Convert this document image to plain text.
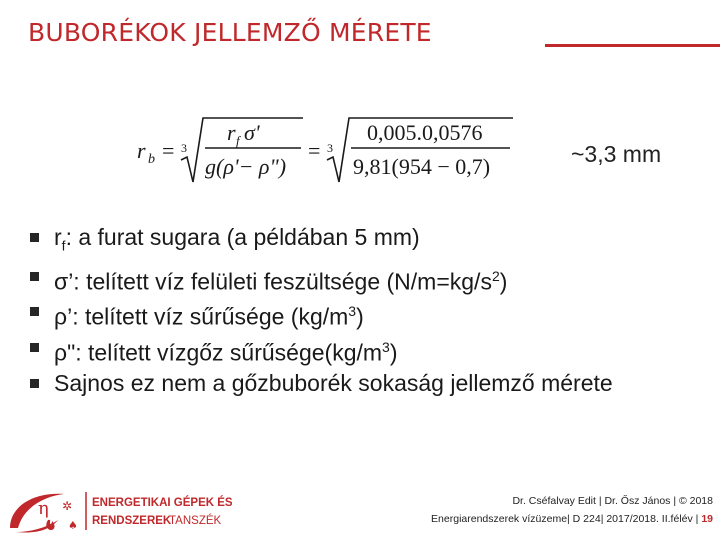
BUBORÉKOK JELLEMZŐ MÉRETE
r b = 3
r f σ'
g(ρ'− ρ")
= 3
0,005.0,0576
9,81(954 − 0,7)	~3,3 mm
$r_f$: a furat sugara (a példában 5 mm)
σ’: telített víz felületi feszültsége $(N/m=kg/s^2)$
ρ’: telített víz sűrűsége $(kg/m^3)$
ρ": telített vízgőz $sűrűsége(kg/m^3)$
Sajnos ez nem a gőzbuborék sokaság jellemző mérete
η ✲
♠
ENERGETIKAI GÉPEK ÉS
RENDSZEREK
TANSZÉK
Dr. Cséfalvay Edit | Dr. Ősz János | © 2018
Energiarendszerek vízüzeme| D 224| 2017/2018. II.félév | 19
